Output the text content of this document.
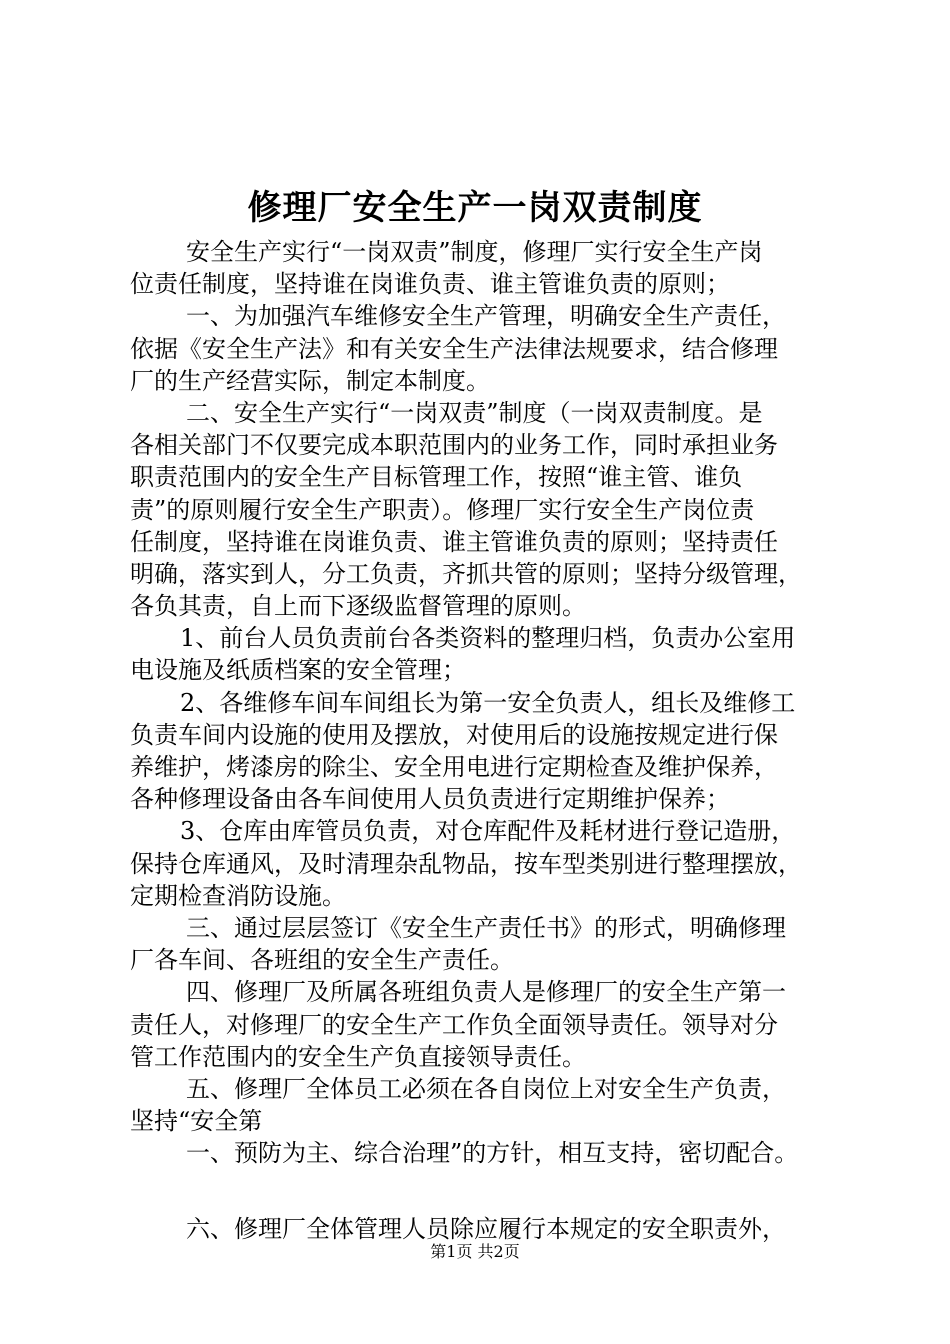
修理厂安全生产一岗双责制度
安全生产实行“一岗双责”制度，修理厂实行安全生产岗
位责任制度，坚持谁在岗谁负责、谁主管谁负责的原则；
一、为加强汽车维修安全生产管理，明确安全生产责任，
依据《安全生产法》和有关安全生产法律法规要求，结合修理
厂的生产经营实际，制定本制度。
二、安全生产实行“一岗双责”制度（一岗双责制度。是
各相关部门不仅要完成本职范围内的业务工作，同时承担业务
职责范围内的安全生产目标管理工作，按照“谁主管、谁负
责”的原则履行安全生产职责）。修理厂实行安全生产岗位责
任制度，坚持谁在岗谁负责、谁主管谁负责的原则；坚持责任
明确，落实到人，分工负责，齐抓共管的原则；坚持分级管理，
各负其责，自上而下逐级监督管理的原则。
1、前台人员负责前台各类资料的整理归档，负责办公室用
电设施及纸质档案的安全管理；
2、各维修车间车间组长为第一安全负责人，组长及维修工
负责车间内设施的使用及摆放，对使用后的设施按规定进行保
养维护，烤漆房的除尘、安全用电进行定期检查及维护保养，
各种修理设备由各车间使用人员负责进行定期维护保养；
3、仓库由库管员负责，对仓库配件及耗材进行登记造册，
保持仓库通风，及时清理杂乱物品，按车型类别进行整理摆放，
定期检查消防设施。
三、通过层层签订《安全生产责任书》的形式，明确修理
厂各车间、各班组的安全生产责任。
四、修理厂及所属各班组负责人是修理厂的安全生产第一
责任人，对修理厂的安全生产工作负全面领导责任。领导对分
管工作范围内的安全生产负直接领导责任。
五、修理厂全体员工必须在各自岗位上对安全生产负责，
坚持“安全第
一、预防为主、综合治理”的方针，相互支持，密切配合。
六、修理厂全体管理人员除应履行本规定的安全职责外，
第1页 共2页
